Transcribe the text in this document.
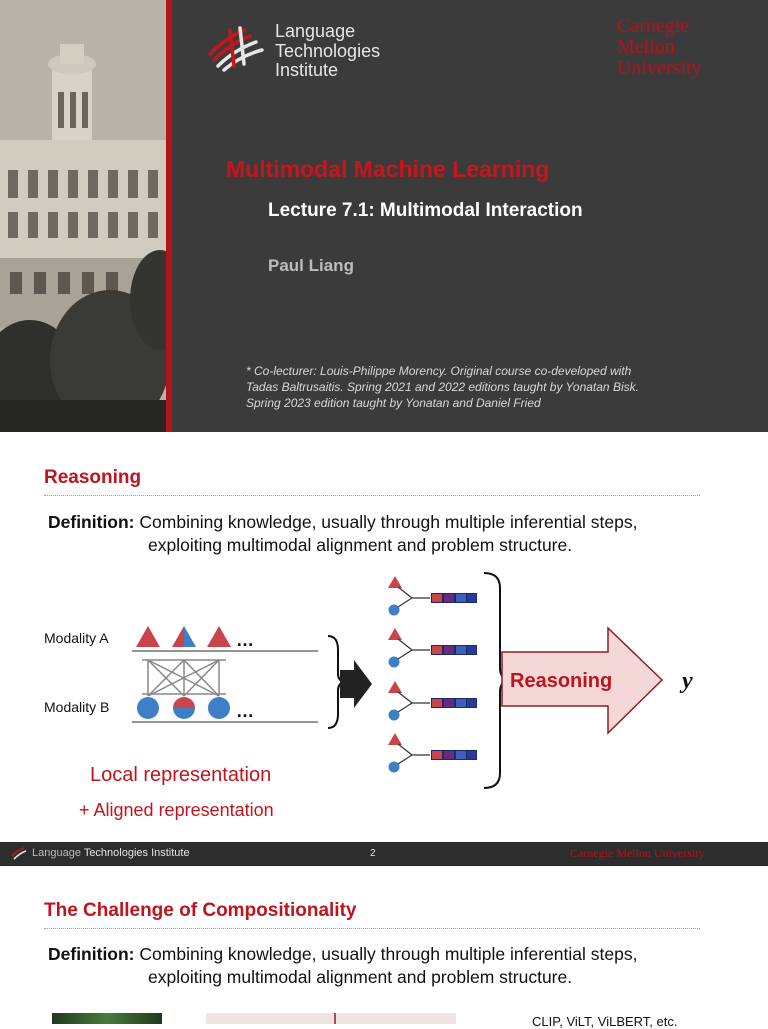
Language
Technologies
Institute
Carnegie
Mellon
University
Multimodal Machine Learning
Lecture 7.1: Multimodal Interaction
Paul Liang
* Co-lecturer: Louis-Philippe Morency. Original course co-developed with Tadas Baltrusaitis. Spring 2021 and 2022 editions taught by Yonatan Bisk. Spring 2023 edition taught by Yonatan and Daniel Fried
Reasoning
Definition: Combining knowledge, usually through multiple inferential steps,
exploiting multimodal alignment and problem structure.
Modality A
Modality B
Reasoning	y
…
…
Local representation
+ Aligned representation
Language Technologies Institute	2	Carnegie Mellon University
The Challenge of Compositionality
Definition: Combining knowledge, usually through multiple inferential steps,
exploiting multimodal alignment and problem structure.
CLIP, ViLT, ViLBERT, etc.
